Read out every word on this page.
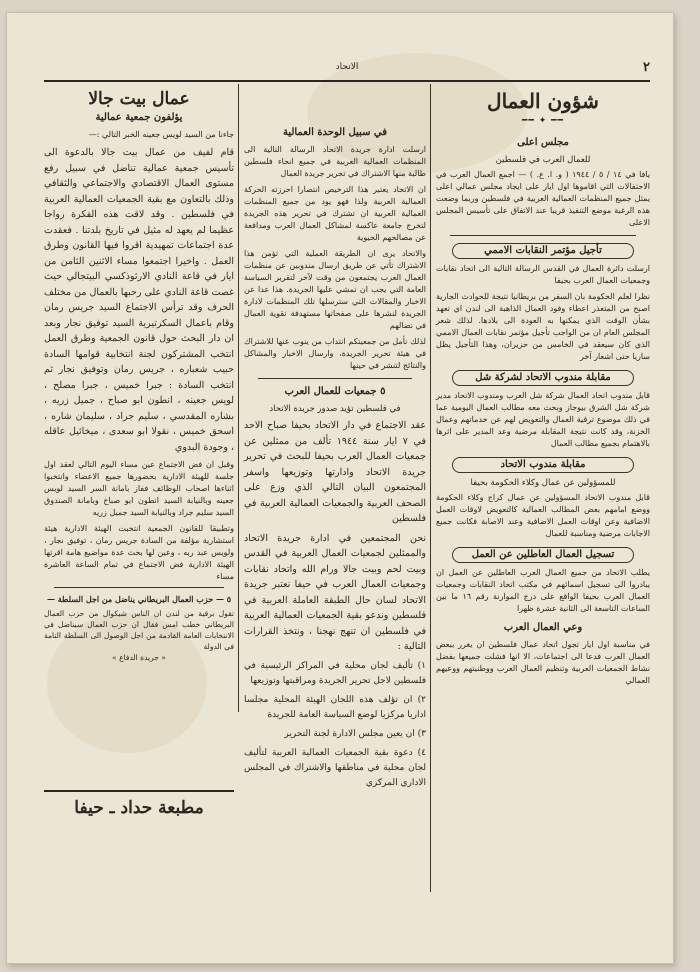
٢
الاتحاد
شؤون العمال
━━ ✦ ━━
مجلس اعلى
للعمال العرب في فلسطين
يافا في ١٤ / ٥ / ١٩٤٤ ( و. ا. ع. ) — اجمع العمال العرب في الاحتفالات التي اقاموها اول ايار على ايجاد مجلس عمالي اعلى يمثل جميع المنظمات العمالية العربية في فلسطين وربما وضعت هذه الرغبة موضع التنفيذ قريبا عند الاتفاق على تأسيس المجلس الاعلى
تأجيل مؤتمر النقابات الاممي
ارسلت دائرة العمال في القدس الرسالة التالية الى اتحاد نقابات وجمعيات العمال العرب بحيفا
نظرا لعلم الحكومة بان السفر من بريطانيا نتيجة للحوادث الجارية اصبح من المتعذر اعطاء وفود العمال الذاهبة الى لندن اي تعهد بشأن الوقت الذي يمكنها به العودة الى بلادها. لذلك شعر المجلس العام ان من الواجب تأجيل مؤتمر نقابات العمال الاممي الذي كان سيعقد في الخامس من حزيران، وهذا التأجيل يظل ساريا حتى اشعار آخر
مقابلة مندوب الاتحاد لشركة شل
قابل مندوب اتحاد العمال شركة شل العرب ومندوب الاتحاد مدير شركة شل الشرق بيوجاز وبحث معه مطالب العمال اليومية عما في ذلك موضوع ترقية العمال والتعويض لهم عن خدماتهم وعمال الخزنة، وقد كانت نتيجة المقابلة مرضية وعد المدير على اثرها بالاهتمام بجميع مطالب العمال
مقابلة مندوب الاتحاد
للمسؤولين عن عمال وكلاء الحكومة بحيفا
قابل مندوب الاتحاد المسؤولين عن عمال كراج وكلاء الحكومة ووضع امامهم بعض المطالب العمالية كالتعويض لاوقات العمل الاضافية وعن اوقات العمل الاضافية وعند الاصابة فكانت جميع الاجابات مرضية ومناسبة للعمال
تسجيل العمال العاطلين عن العمل
يطلب الاتحاد من جميع العمال العرب العاطلين عن العمل ان يبادروا الى تسجيل اسمائهم في مكتب اتحاد النقابات وجمعيات العمال العرب بحيفا الواقع على درج الموارنة رقم ١٦ ما بين الساعات التاسعة الى الثانية عشرة ظهرا
وعي العمال العرب
في مناسبة اول ايار تجول اتحاد عمال فلسطين ان يغرر ببعض العمال العرب فدعا الى اجتماعات، الا انها فشلت جميعها بفضل نشاط الجمعيات العربية وتنظيم العمال العرب ووطنيتهم ووعيهم العمالي
في سبيل الوحدة العمالية
ارسلت ادارة جريدة الاتحاد الرسالة التالية الى المنظمات العمالية العربية في جميع انحاء فلسطين طالبة منها الاشتراك في تحرير جريدة العمال
ان الاتحاد يعتبر هذا الترخيص انتصارا احرزته الحركة العمالية العربية ولذا فهو يود من جميع المنظمات العمالية العربية ان تشترك في تحرير هذه الجريدة لتخرج جامعة عاكسة لمشاكل العمال العرب ومدافعة عن مصالحهم الحيوية
والاتحاد يرى ان الطريقة العملية التي تؤمن هذا الاشتراك تأتي عن طريق ارسال مندوبين عن منظمات العمال العرب يجتمعون من وقت لآخر لتقرير السياسة العامة التي يجب ان تمشي عليها الجريدة. هذا عدا عن الاخبار والمقالات التي سترسلها تلك المنظمات لادارة الجريدة لنشرها على صفحاتها مستهدفة تقوية العمال في نضالهم
لذلك نأمل من جمعيتكم انتداب من ينوب عنها للاشتراك في هيئة تحرير الجريدة، وارسال الاخبار والمشاكل والنتائج لتنشر في حينها
٥ جمعيات للعمال العرب
في فلسطين تؤيد صدور جريدة الاتحاد
عقد الاجتماع في دار الاتحاد بحيفا صباح الاحد في ٧ ايار سنة ١٩٤٤ تألف من ممثلين عن جمعيات العمال العرب بحيفا للبحث في تحرير جريدة الاتحاد وادارتها وتوزيعها واسفر المجتمعون البيان التالي الذي وزع على الصحف العربية والجمعيات العمالية العربية في فلسطين
نحن المجتمعين في ادارة جريدة الاتحاد والممثلين لجمعيات العمال العربية في القدس وبيت لحم وبيت جالا ورام الله واتحاد نقابات وجمعيات العمال العرب في حيفا نعتبر جريدة الاتحاد لسان حال الطبقة العاملة العربية في فلسطين وندعو بقية الجمعيات العمالية العربية في فلسطين ان تنهج نهجنا ، ونتخذ القرارات التالية :
١) تأليف لجان محلية في المراكز الرئيسية في فلسطين لاجل تحرير الجريدة ومراقبتها وتوزيعها
٢) ان تؤلف هذه اللجان الهيئة المحلية مجلسا اداريا مركزيا لوضع السياسة العامة للجريدة
٣) ان يعين مجلس الادارة لجنة التحرير
٤) دعوة بقية الجمعيات العمالية العربية لتأليف لجان محلية في مناطقها والاشتراك في المجلس الاداري المركزي
عمال بيت جالا
يؤلفون جمعية عمالية
جاءنا من السيد لويس جعينه الخبر التالي :—
قام لفيف من عمال بيت جالا بالدعوة الى تأسيس جمعية عمالية تناضل في سبيل رفع مستوى العمال الاقتصادي والاجتماعي والثقافي وذلك بالتعاون مع بقية الجمعيات العمالية العربية في فلسطين . وقد لاقت هذه الفكرة رواجا عظيما لم يعهد له مثيل في تاريخ بلدتنا . فعقدت عدة اجتماعات تمهيدية اقروا فيها القانون وطرق العمل . واخيرا اجتمعوا مساء الاثنين الثامن من ايار في قاعة النادي الارثوذكسي البيتجالي حيث غصت قاعة النادي على رحبها بالعمال من مختلف الحرف وقد ترأس الاجتماع السيد جريس رمان وقام باعمال السكرتيرية السيد توفيق نجار وبعد ان دار البحث حول قانون الجمعية وطرق العمل انتخب المشتركون لجنة انتخابية قوامها السادة حبيب شعباره ، جريس رمان وتوفيق نجار ثم انتخب السادة : جبرا خميس ، جبرا مصلح ، لويس جعينه ، انطون ابو صباح ، جميل زريه ، بشاره المقدسي ، سليم جراد ، سليمان شاره ، اسحق خميس ، نقولا ابو سعدى ، ميخائيل عاقله ، وجودة البدوي
وقبل ان فض الاجتماع عين مساء اليوم التالي لعقد اول جلسة للهيئة الادارية بحضورها جميع الاعضاء وانتخبوا اثناءها اصحاب الوظائف ففاز بامانة السر السيد لويس جعينه وبالنيابة السيد انطون ابو صباح وبامانة الصندوق السيد سليم جراد وبالنيابة السيد جميل زريه
وتطبيقا للقانون الجمعية انتخبت الهيئة الادارية هيئة استشارية مؤلفة من السادة جريس رمان ، توفيق نجار ، ولويس عبد ربه ، وعين لها بحث عدة مواضيع هامة اقرتها الهيئة الادارية فض الاجتماع في تمام الساعة العاشرة مساء
٥ — حزب العمال البريطاني يناضل من اجل السلطة —
تقول برقية من لندن ان الناس شيكوال من حزب العمال البريطاني خطب امس فقال ان حزب العمال سيناضل في الانتخابات العامة القادمة من اجل الوصول الى السلطة التامة في الدولة
« جريدة الدفاع »
مطبعة حداد ـ حيفا
